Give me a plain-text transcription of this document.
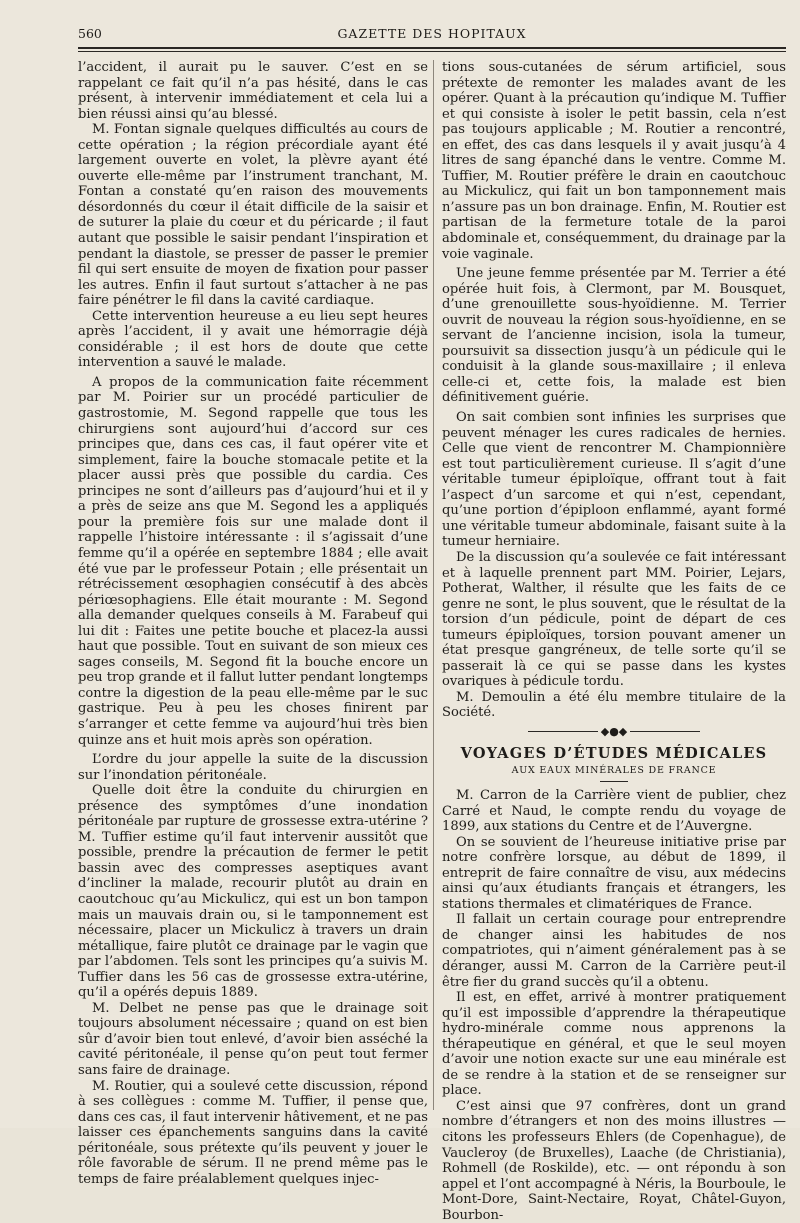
560	GAZETTE DES HOPITAUX

l’accident, il aurait pu le sauver. C’est en se rappelant ce fait qu’il n’a pas hésité, dans le cas présent, à intervenir immédiatement et cela lui a bien réussi ainsi qu’au blessé.

M. Fontan signale quelques difficultés au cours de cette opération ; la région précordiale ayant été largement ouverte en volet, la plèvre ayant été ouverte elle-même par l’instrument tranchant, M. Fontan a constaté qu’en raison des mouvements désordonnés du cœur il était difficile de la saisir et de suturer la plaie du cœur et du péricarde ; il faut autant que possible le saisir pendant l’inspiration et pendant la diastole, se presser de passer le premier fil qui sert ensuite de moyen de fixation pour passer les autres. Enfin il faut surtout s’attacher à ne pas faire pénétrer le fil dans la cavité cardiaque.

Cette intervention heureuse a eu lieu sept heures après l’accident, il y avait une hémorragie déjà considérable ; il est hors de doute que cette intervention a sauvé le malade.

A propos de la communication faite récemment par M. Poirier sur un procédé particulier de gastrostomie, M. Segond rappelle que tous les chirurgiens sont aujourd’hui d’accord sur ces principes que, dans ces cas, il faut opérer vite et simplement, faire la bouche stomacale petite et la placer aussi près que possible du cardia. Ces principes ne sont d’ailleurs pas d’aujourd’hui et il y a près de seize ans que M. Segond les a appliqués pour la première fois sur une malade dont il rappelle l’histoire intéressante : il s’agissait d’une femme qu’il a opérée en septembre 1884 ; elle avait été vue par le professeur Potain ; elle présentait un rétrécissement œsophagien consécutif à des abcès périœsophagiens. Elle était mourante : M. Segond alla demander quelques conseils à M. Farabeuf qui lui dit : Faites une petite bouche et placez-la aussi haut que possible. Tout en suivant de son mieux ces sages conseils, M. Segond fit la bouche encore un peu trop grande et il fallut lutter pendant longtemps contre la digestion de la peau elle-même par le suc gastrique. Peu à peu les choses finirent par s’arranger et cette femme va aujourd’hui très bien quinze ans et huit mois après son opération.

L’ordre du jour appelle la suite de la discussion sur l’inondation péritonéale.

Quelle doit être la conduite du chirurgien en présence des symptômes d’une inondation péritonéale par rupture de grossesse extra-utérine ? M. Tuffier estime qu’il faut intervenir aussitôt que possible, prendre la précaution de fermer le petit bassin avec des compresses aseptiques avant d’incliner la malade, recourir plutôt au drain en caoutchouc qu’au Mickulicz, qui est un bon tampon mais un mauvais drain ou, si le tamponnement est nécessaire, placer un Mickulicz à travers un drain métallique, faire plutôt ce drainage par le vagin que par l’abdomen. Tels sont les principes qu’a suivis M. Tuffier dans les 56 cas de grossesse extra-utérine, qu’il a opérés depuis 1889.

M. Delbet ne pense pas que le drainage soit toujours absolument nécessaire ; quand on est bien sûr d’avoir bien tout enlevé, d’avoir bien asséché la cavité péritonéale, il pense qu’on peut tout fermer sans faire de drainage.

M. Routier, qui a soulevé cette discussion, répond à ses collègues : comme M. Tuffier, il pense que, dans ces cas, il faut intervenir hâtivement, et ne pas laisser ces épanchements sanguins dans la cavité péritonéale, sous prétexte qu’ils peuvent y jouer le rôle favorable de sérum. Il ne prend même pas le temps de faire préalablement quelques injec-

tions sous-cutanées de sérum artificiel, sous prétexte de remonter les malades avant de les opérer. Quant à la précaution qu’indique M. Tuffier et qui consiste à isoler le petit bassin, cela n’est pas toujours applicable ; M. Routier a rencontré, en effet, des cas dans lesquels il y avait jusqu’à 4 litres de sang épanché dans le ventre. Comme M. Tuffier, M. Routier préfère le drain en caoutchouc au Mickulicz, qui fait un bon tamponnement mais n’assure pas un bon drainage. Enfin, M. Routier est partisan de la fermeture totale de la paroi abdominale et, conséquemment, du drainage par la voie vaginale.

Une jeune femme présentée par M. Terrier a été opérée huit fois, à Clermont, par M. Bousquet, d’une grenouillette sous-hyoïdienne. M. Terrier ouvrit de nouveau la région sous-hyoïdienne, en se servant de l’ancienne incision, isola la tumeur, poursuivit sa dissection jusqu’à un pédicule qui le conduisit à la glande sous-maxillaire ; il enleva celle-ci et, cette fois, la malade est bien définitivement guérie.

On sait combien sont infinies les surprises que peuvent ménager les cures radicales de hernies. Celle que vient de rencontrer M. Championnière est tout particulièrement curieuse. Il s’agit d’une véritable tumeur épiploïque, offrant tout à fait l’aspect d’un sarcome et qui n’est, cependant, qu’une portion d’épiploon enflammé, ayant formé une véritable tumeur abdominale, faisant suite à la tumeur herniaire.

De la discussion qu’a soulevée ce fait intéressant et à laquelle prennent part MM. Poirier, Lejars, Potherat, Walther, il résulte que les faits de ce genre ne sont, le plus souvent, que le résultat de la torsion d’un pédicule, point de départ de ces tumeurs épiploïques, torsion pouvant amener un état presque gangréneux, de telle sorte qu’il se passerait là ce qui se passe dans les kystes ovariques à pédicule tordu.

M. Demoulin a été élu membre titulaire de la Société.

◆●◆
VOYAGES D’ÉTUDES MÉDICALES
AUX EAUX MINÉRALES DE FRANCE

M. Carron de la Carrière vient de publier, chez Carré et Naud, le compte rendu du voyage de 1899, aux stations du Centre et de l’Auvergne.

On se souvient de l’heureuse initiative prise par notre confrère lorsque, au début de 1899, il entreprit de faire connaître de visu, aux médecins ainsi qu’aux étudiants français et étrangers, les stations thermales et climatériques de France.

Il fallait un certain courage pour entreprendre de changer ainsi les habitudes de nos compatriotes, qui n’aiment généralement pas à se déranger, aussi M. Carron de la Carrière peut-il être fier du grand succès qu’il a obtenu.

Il est, en effet, arrivé à montrer pratiquement qu’il est impossible d’apprendre la thérapeutique hydro-minérale comme nous apprenons la thérapeutique en général, et que le seul moyen d’avoir une notion exacte sur une eau minérale est de se rendre à la station et de se renseigner sur place.

C’est ainsi que 97 confrères, dont un grand nombre d’étrangers et non des moins illustres — citons les professeurs Ehlers (de Copenhague), de Vaucleroy (de Bruxelles), Laache (de Christiania), Rohmell (de Roskilde), etc. — ont répondu à son appel et l’ont accompagné à Néris, la Bourboule, le Mont-Dore, Saint-Nectaire, Royat, Châtel-Guyon, Bourbon-
